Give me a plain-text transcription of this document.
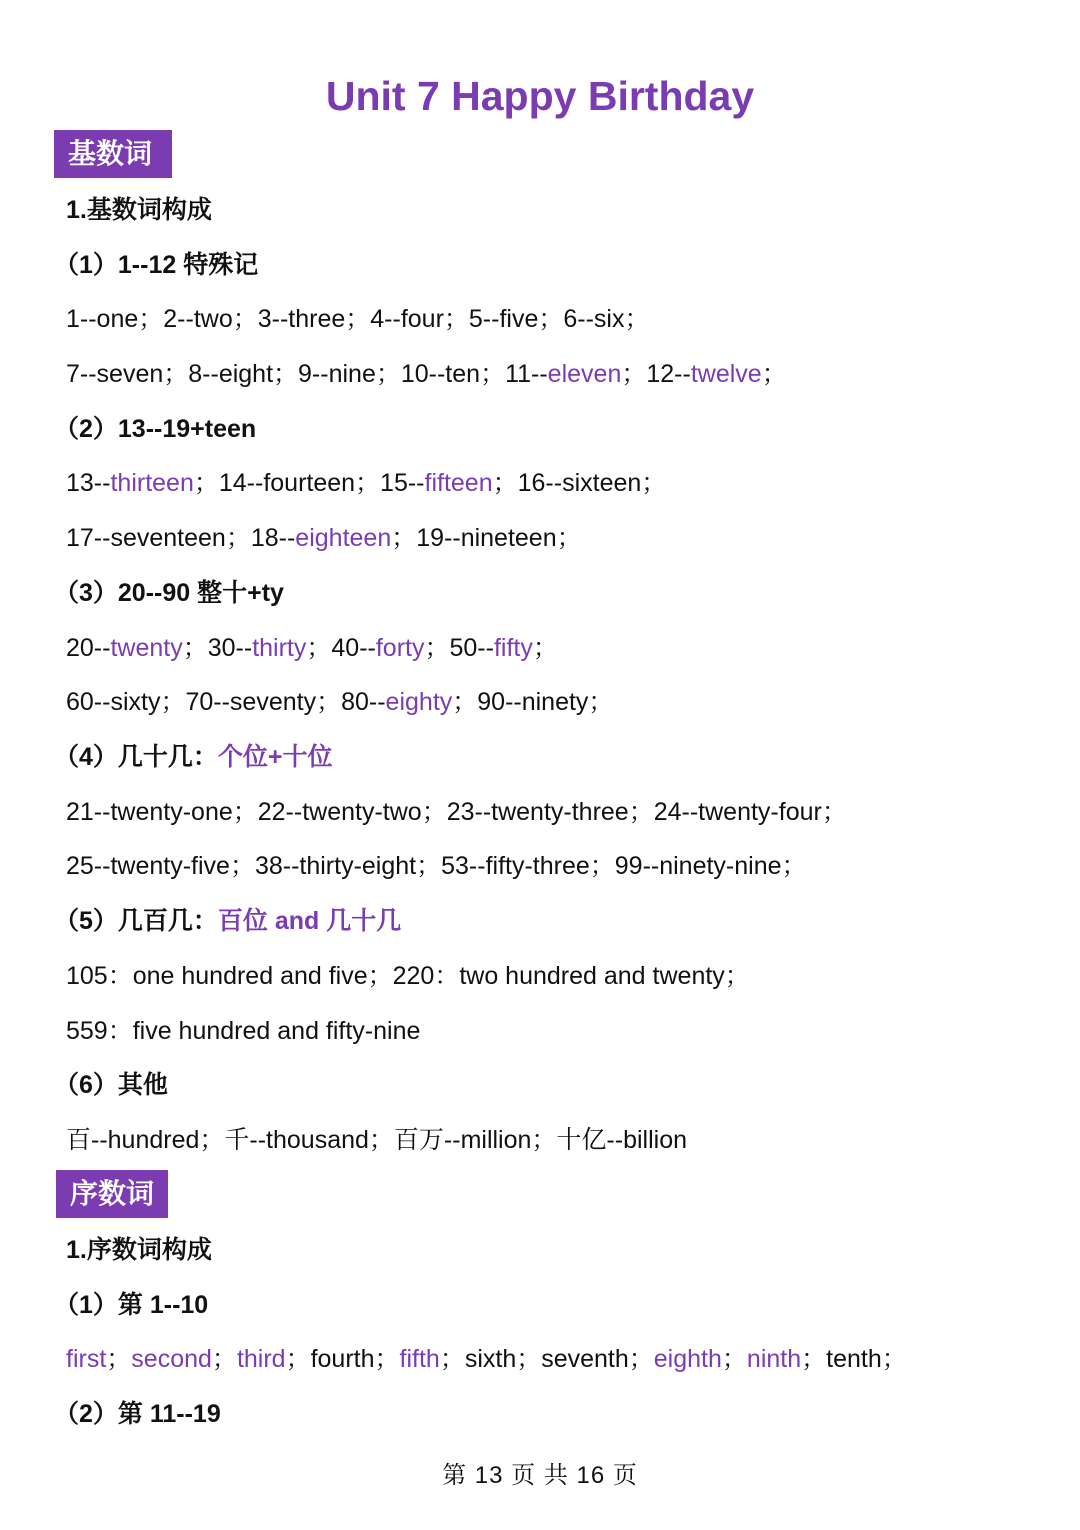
Unit 7 Happy Birthday
基数词
1.基数词构成
（1）1--12 特殊记
1--one；2--two；3--three；4--four；5--five；6--six；
7--seven；8--eight；9--nine；10--ten；11--eleven；12--twelve；
（2）13--19+teen
13--thirteen；14--fourteen；15--fifteen；16--sixteen；
17--seventeen；18--eighteen；19--nineteen；
（3）20--90 整十+ty
20--twenty；30--thirty；40--forty；50--fifty；
60--sixty；70--seventy；80--eighty；90--ninety；
（4）几十几：个位+十位
21--twenty-one；22--twenty-two；23--twenty-three；24--twenty-four；
25--twenty-five；38--thirty-eight；53--fifty-three；99--ninety-nine；
（5）几百几：百位 and 几十几
105：one hundred and five；220：two hundred and twenty；
559：five hundred and fifty-nine
（6）其他
百--hundred；千--thousand；百万--million；十亿--billion
序数词
1.序数词构成
（1）第 1--10
first；second；third；fourth；fifth；sixth；seventh；eighth；ninth；tenth；
（2）第 11--19
第 13 页 共 16 页
